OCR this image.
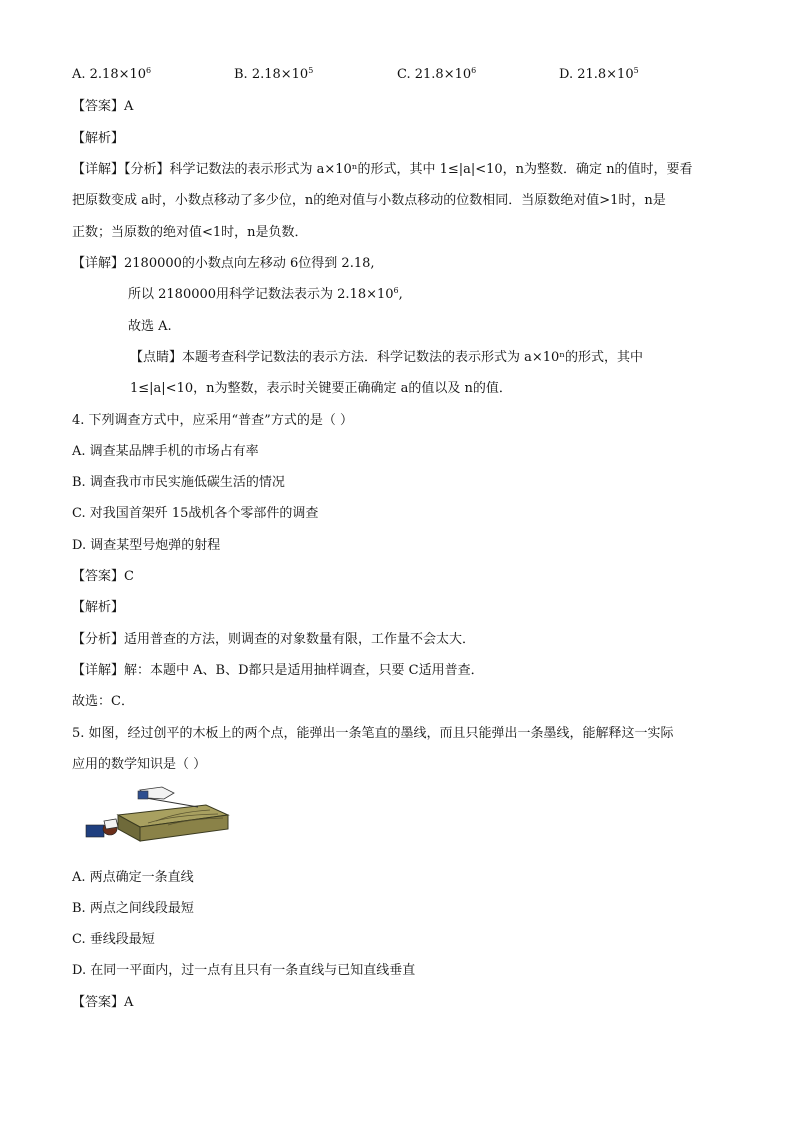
A. $2.18\times 10^6$	B. $2.18\times 10^5$	C. $21.8\times 10^6$	D. $21.8\times 10^5$
【答案】A
【解析】
【详解】【分析】科学记数法的表示形式为 a×10ⁿ的形式，其中 1≤|a|<10，n为整数．确定 n的值时，要看
把原数变成 a时，小数点移动了多少位，n的绝对值与小数点移动的位数相同．当原数绝对值>1时，n是
正数；当原数的绝对值<1时，n是负数．
【详解】2180000的小数点向左移动 6位得到 2.18,
所以 2180000用科学记数法表示为 $2.18\times 10^6$,
故选 A.
【点睛】本题考查科学记数法的表示方法．科学记数法的表示形式为 a×10ⁿ的形式，其中
1≤|a|<10，n为整数，表示时关键要正确确定 a的值以及 n的值．
4. 下列调查方式中，应采用“普查”方式的是（ ）
A. 调查某品牌手机的市场占有率
B. 调查我市市民实施低碳生活的情况
C. 对我国首架歼 15战机各个零部件的调查
D. 调查某型号炮弹的射程
【答案】C
【解析】
【分析】适用普查的方法，则调查的对象数量有限，工作量不会太大．
【详解】解：本题中 A、B、D都只是适用抽样调查，只要 C适用普查．
故选：C．
5. 如图，经过创平的木板上的两个点，能弹出一条笔直的墨线，而且只能弹出一条墨线，能解释这一实际
应用的数学知识是（ ）
A. 两点确定一条直线
B. 两点之间线段最短
C. 垂线段最短
D. 在同一平面内，过一点有且只有一条直线与已知直线垂直
【答案】A
